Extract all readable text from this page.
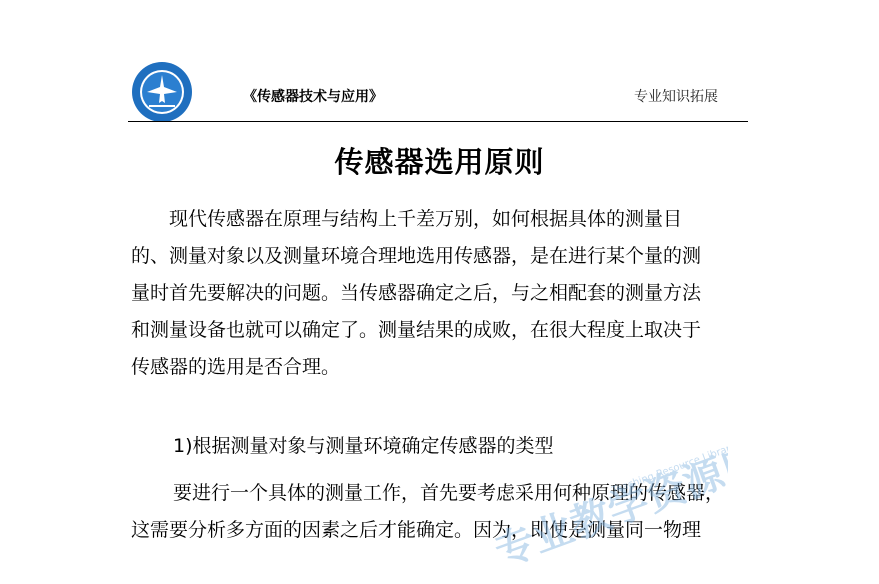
《传感器技术与应用》	专业知识拓展
传感器选用原则
　　现代传感器在原理与结构上千差万别，如何根据具体的测量目
的、测量对象以及测量环境合理地选用传感器，是在进行某个量的测
量时首先要解决的问题。当传感器确定之后，与之相配套的测量方法
和测量设备也就可以确定了。测量结果的成败，在很大程度上取决于
传感器的选用是否合理。
1)根据测量对象与测量环境确定传感器的类型
要进行一个具体的测量工作，首先要考虑采用何种原理的传感器，
这需要分析多方面的因素之后才能确定。因为，即使是测量同一物理
专业教学资源库
Teaching Resource Library
